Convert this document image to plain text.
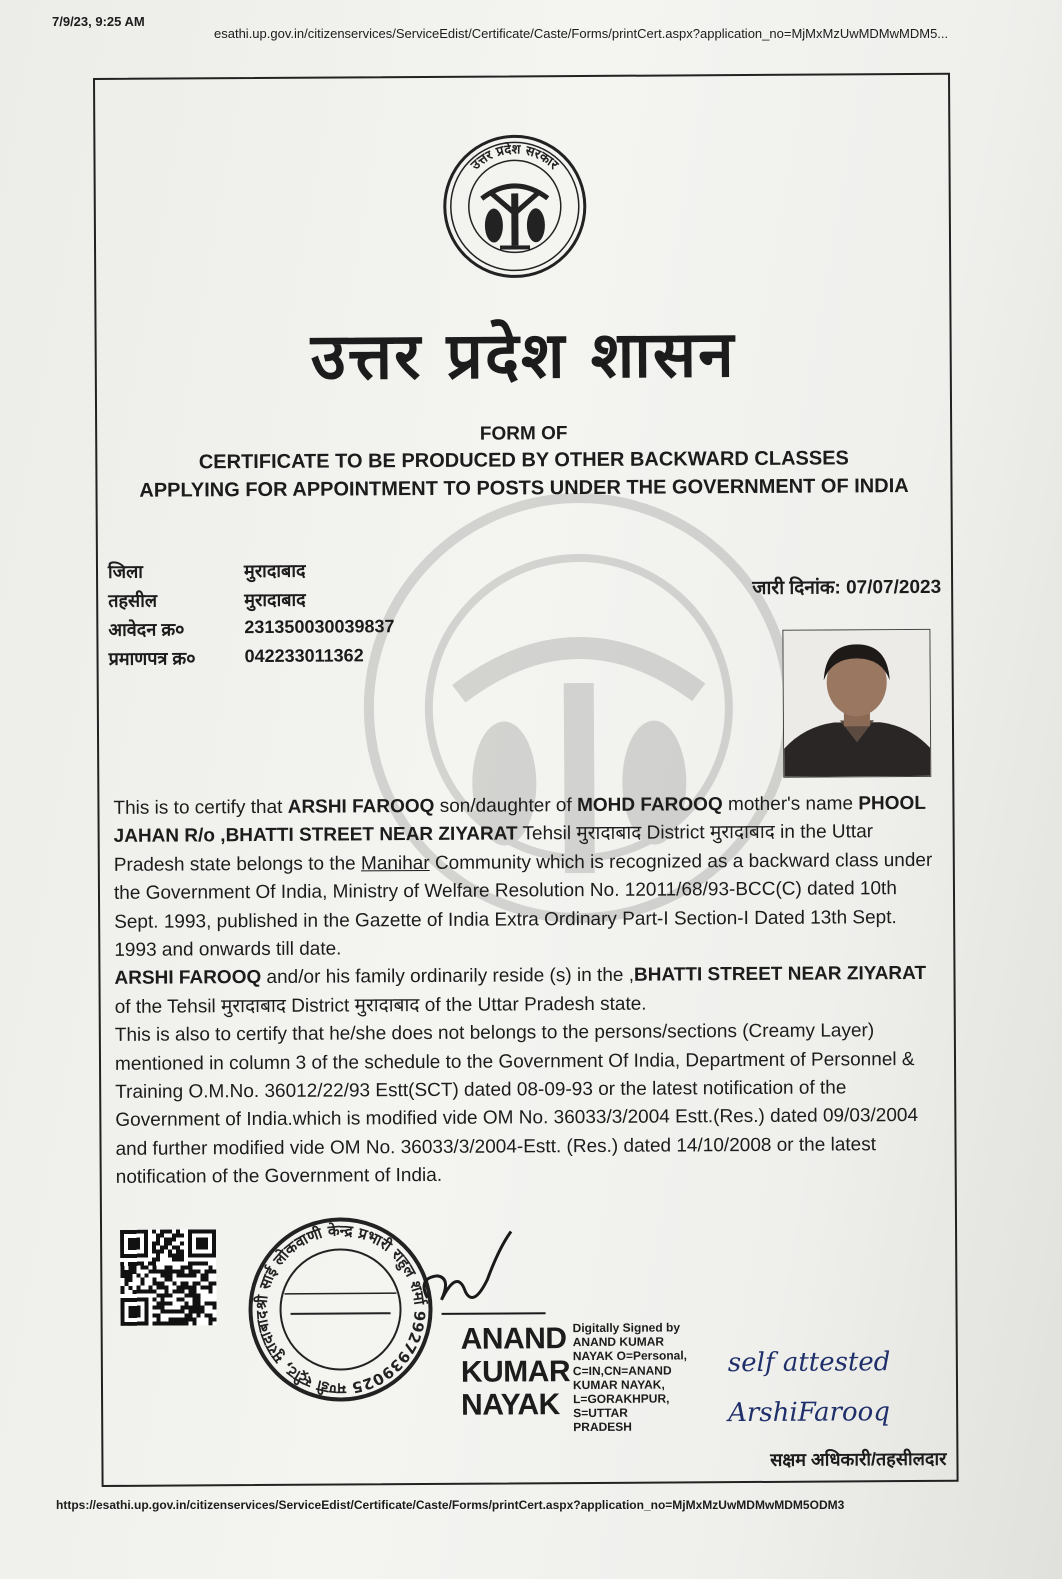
7/9/23, 9:25 AM
esathi.up.gov.in/citizenservices/ServiceEdist/Certificate/Caste/Forms/printCert.aspx?application_no=MjMxMzUwMDMwMDM5...
उत्तर प्रदेश सरकार
उत्तर प्रदेश शासन
FORM OF
CERTIFICATE TO BE PRODUCED BY OTHER BACKWARD CLASSES
APPLYING FOR APPOINTMENT TO POSTS UNDER THE GOVERNMENT OF INDIA
जिला	मुरादाबाद
तहसील	मुरादाबाद
आवेदन क्र०	231350030039837
प्रमाणपत्र क्र०	042233011362
जारी दिनांक: 07/07/2023
This is to certify that ARSHI FAROOQ son/daughter of MOHD FAROOQ mother's name PHOOL JAHAN R/o ,BHATTI STREET NEAR ZIYARAT Tehsil मुरादाबाद District मुरादाबाद in the Uttar Pradesh state belongs to the Manihar Community which is recognized as a backward class under the Government Of India, Ministry of Welfare Resolution No. 12011/68/93-BCC(C) dated 10th Sept. 1993, published in the Gazette of India Extra Ordinary Part-I Section-I Dated 13th Sept. 1993 and onwards till date.
ARSHI FAROOQ and/or his family ordinarily reside (s) in the ,BHATTI STREET NEAR ZIYARAT of the Tehsil मुरादाबाद District मुरादाबाद of the Uttar Pradesh state.
This is also to certify that he/she does not belongs to the persons/sections (Creamy Layer) mentioned in column 3 of the schedule to the Government Of India, Department of Personnel & Training O.M.No. 36012/22/93 Estt(SCT) dated 08-09-93 or the latest notification of the Government of India.which is modified vide OM No. 36033/3/2004 Estt.(Res.) dated 09/03/2004 and further modified vide OM No. 36033/3/2004-Estt. (Res.) dated 14/10/2008 or the latest notification of the Government of India.
श्री साई लोकवाणी केन्द्र प्रभारी राहुल शर्मा 9927939025 मण्डी स्ट्रीट, मुरादाबाद
ANAND
KUMAR
NAYAK
Digitally Signed by
ANAND KUMAR
NAYAK O=Personal,
C=IN,CN=ANAND
KUMAR NAYAK,
L=GORAKHPUR,
S=UTTAR
PRADESH
self attested
ArshiFarooq
सक्षम अधिकारी/तहसीलदार
https://esathi.up.gov.in/citizenservices/ServiceEdist/Certificate/Caste/Forms/printCert.aspx?application_no=MjMxMzUwMDMwMDM5ODM3
